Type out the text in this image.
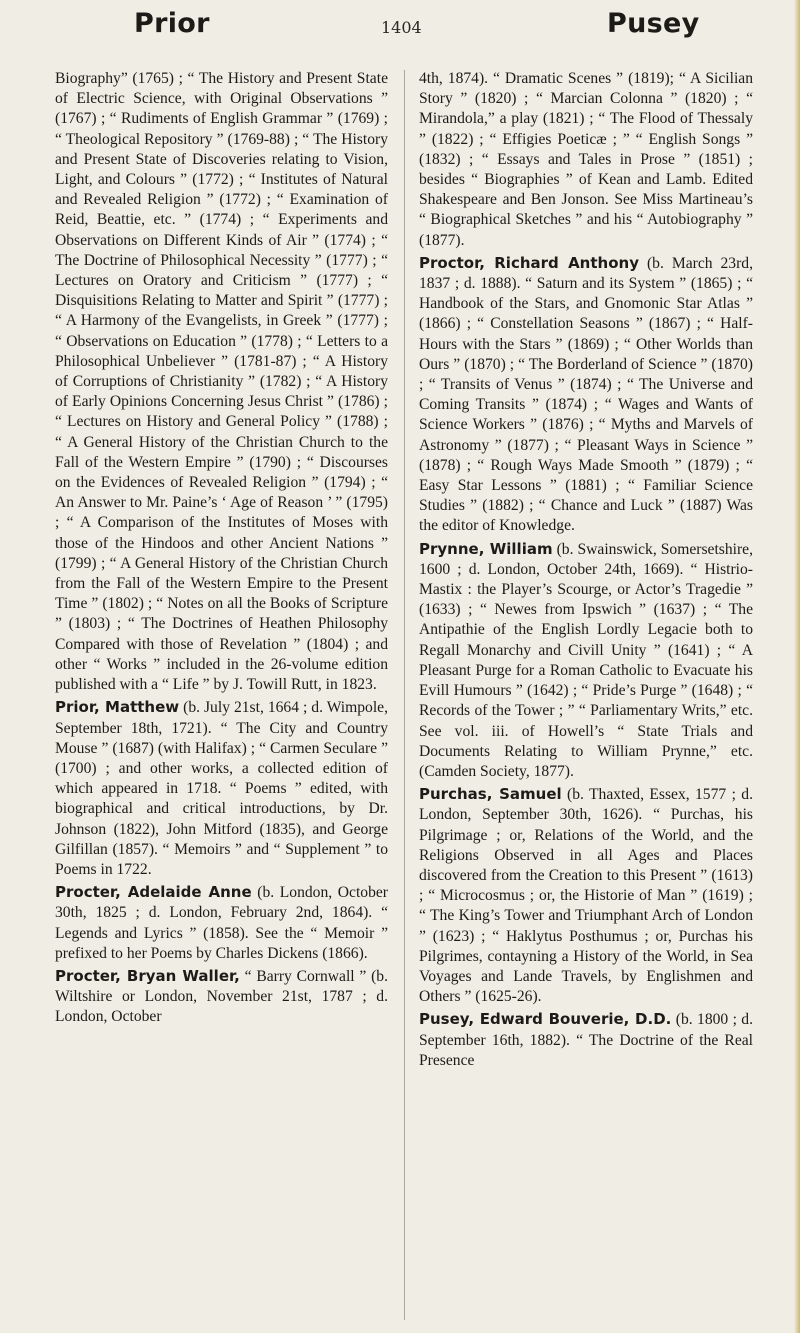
Prior	1404	Pusey

Biography” (1765) ; “ The History and Present State of Electric Science, with Original Observations ” (1767) ; “ Rudiments of English Grammar ” (1769) ; “ Theological Repository ” (1769-88) ; “ The History and Present State of Discoveries relating to Vision, Light, and Colours ” (1772) ; “ Institutes of Natural and Revealed Religion ” (1772) ; “ Examination of Reid, Beattie, etc. ” (1774) ; “ Experiments and Observations on Different Kinds of Air ” (1774) ; “ The Doctrine of Philosophical Necessity ” (1777) ; “ Lectures on Oratory and Criticism ” (1777) ; “ Disquisitions Relating to Matter and Spirit ” (1777) ; “ A Harmony of the Evangelists, in Greek ” (1777) ; “ Observations on Education ” (1778) ; “ Letters to a Philosophical Unbeliever ” (1781-87) ; “ A History of Corruptions of Christianity ” (1782) ; “ A History of Early Opinions Concerning Jesus Christ ” (1786) ; “ Lectures on History and General Policy ” (1788) ; “ A General History of the Christian Church to the Fall of the Western Empire ” (1790) ; “ Discourses on the Evidences of Revealed Religion ” (1794) ; “ An Answer to Mr. Paine’s ‘ Age of Reason ’ ” (1795) ; “ A Comparison of the Institutes of Moses with those of the Hindoos and other Ancient Nations ” (1799) ; “ A General History of the Christian Church from the Fall of the Western Empire to the Present Time ” (1802) ; “ Notes on all the Books of Scripture ” (1803) ; “ The Doctrines of Heathen Philosophy Compared with those of Revelation ” (1804) ; and other “ Works ” included in the 26-volume edition published with a “ Life ” by J. Towill Rutt, in 1823.

Prior, Matthew (b. July 21st, 1664 ; d. Wimpole, September 18th, 1721). “ The City and Country Mouse ” (1687) (with Halifax) ; “ Carmen Seculare ” (1700) ; and other works, a collected edition of which appeared in 1718. “ Poems ” edited, with biographical and critical introductions, by Dr. Johnson (1822), John Mitford (1835), and George Gilfillan (1857). “ Memoirs ” and “ Supplement ” to Poems in 1722.

Procter, Adelaide Anne (b. London, October 30th, 1825 ; d. London, February 2nd, 1864). “ Legends and Lyrics ” (1858). See the “ Memoir ” prefixed to her Poems by Charles Dickens (1866).

Procter, Bryan Waller, “ Barry Cornwall ” (b. Wiltshire or London, November 21st, 1787 ; d. London, October

4th, 1874). “ Dramatic Scenes ” (1819); “ A Sicilian Story ” (1820) ; “ Marcian Colonna ” (1820) ; “ Mirandola,” a play (1821) ; “ The Flood of Thessaly ” (1822) ; “ Effigies Poeticæ ; ” “ English Songs ” (1832) ; “ Essays and Tales in Prose ” (1851) ; besides “ Biographies ” of Kean and Lamb. Edited Shakespeare and Ben Jonson. See Miss Martineau’s “ Biographical Sketches ” and his “ Autobiography ” (1877).

Proctor, Richard Anthony (b. March 23rd, 1837 ; d. 1888). “ Saturn and its System ” (1865) ; “ Handbook of the Stars, and Gnomonic Star Atlas ” (1866) ; “ Constellation Seasons ” (1867) ; “ Half-Hours with the Stars ” (1869) ; “ Other Worlds than Ours ” (1870) ; “ The Borderland of Science ” (1870) ; “ Transits of Venus ” (1874) ; “ The Universe and Coming Transits ” (1874) ; “ Wages and Wants of Science Workers ” (1876) ; “ Myths and Marvels of Astronomy ” (1877) ; “ Pleasant Ways in Science ” (1878) ; “ Rough Ways Made Smooth ” (1879) ; “ Easy Star Lessons ” (1881) ; “ Familiar Science Studies ” (1882) ; “ Chance and Luck ” (1887) Was the editor of Knowledge.

Prynne, William (b. Swainswick, Somersetshire, 1600 ; d. London, October 24th, 1669). “ Histrio-Mastix : the Player’s Scourge, or Actor’s Tragedie ” (1633) ; “ Newes from Ipswich ” (1637) ; “ The Antipathie of the English Lordly Legacie both to Regall Monarchy and Civill Unity ” (1641) ; “ A Pleasant Purge for a Roman Catholic to Evacuate his Evill Humours ” (1642) ; “ Pride’s Purge ” (1648) ; “ Records of the Tower ; ” “ Parliamentary Writs,” etc. See vol. iii. of Howell’s “ State Trials and Documents Relating to William Prynne,” etc. (Camden Society, 1877).

Purchas, Samuel (b. Thaxted, Essex, 1577 ; d. London, September 30th, 1626). “ Purchas, his Pilgrimage ; or, Relations of the World, and the Religions Observed in all Ages and Places discovered from the Creation to this Present ” (1613) ; “ Microcosmus ; or, the Historie of Man ” (1619) ; “ The King’s Tower and Triumphant Arch of London ” (1623) ; “ Haklytus Posthumus ; or, Purchas his Pilgrimes, contayning a History of the World, in Sea Voyages and Lande Travels, by Englishmen and Others ” (1625-26).

Pusey, Edward Bouverie, D.D. (b. 1800 ; d. September 16th, 1882). “ The Doctrine of the Real Presence
